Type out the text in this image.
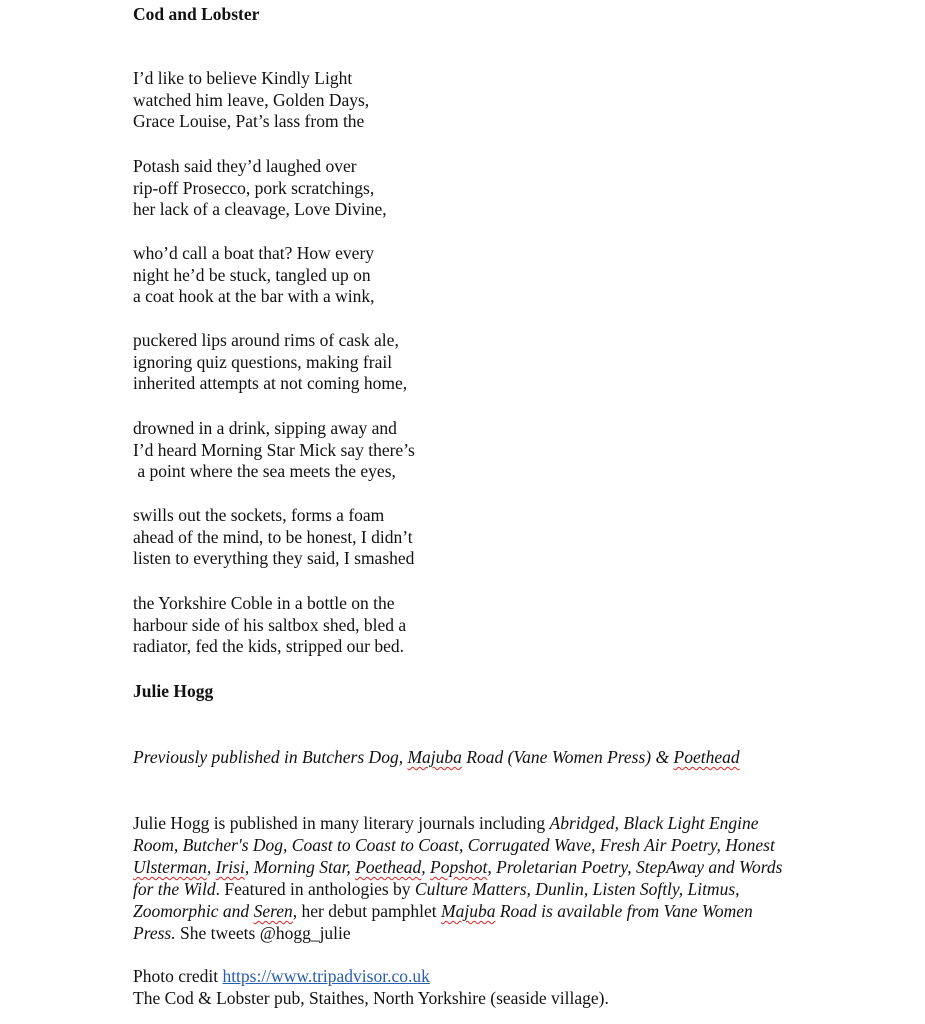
Cod and Lobster
I’d like to believe Kindly Light
watched him leave, Golden Days,
Grace Louise, Pat’s lass from the
Potash said they’d laughed over
rip-off Prosecco, pork scratchings,
her lack of a cleavage, Love Divine,
who’d call a boat that? How every
night he’d be stuck, tangled up on
a coat hook at the bar with a wink,
puckered lips around rims of cask ale,
ignoring quiz questions, making frail
inherited attempts at not coming home,
drowned in a drink, sipping away and
I’d heard Morning Star Mick say there’s
a point where the sea meets the eyes,
swills out the sockets, forms a foam
ahead of the mind, to be honest, I didn’t
listen to everything they said, I smashed
the Yorkshire Coble in a bottle on the
harbour side of his saltbox shed, bled a
radiator, fed the kids, stripped our bed.
Julie Hogg
Previously published in Butchers Dog, Majuba Road (Vane Women Press) & Poethead
Julie Hogg is published in many literary journals including Abridged, Black Light Engine Room, Butcher's Dog, Coast to Coast to Coast, Corrugated Wave, Fresh Air Poetry, Honest Ulsterman, Irisi, Morning Star, Poethead, Popshot, Proletarian Poetry, StepAway and Words for the Wild. Featured in anthologies by Culture Matters, Dunlin, Listen Softly, Litmus, Zoomorphic and Seren, her debut pamphlet Majuba Road is available from Vane Women Press. She tweets @hogg_julie
Photo credit https://www.tripadvisor.co.uk
The Cod & Lobster pub, Staithes, North Yorkshire (seaside village).
